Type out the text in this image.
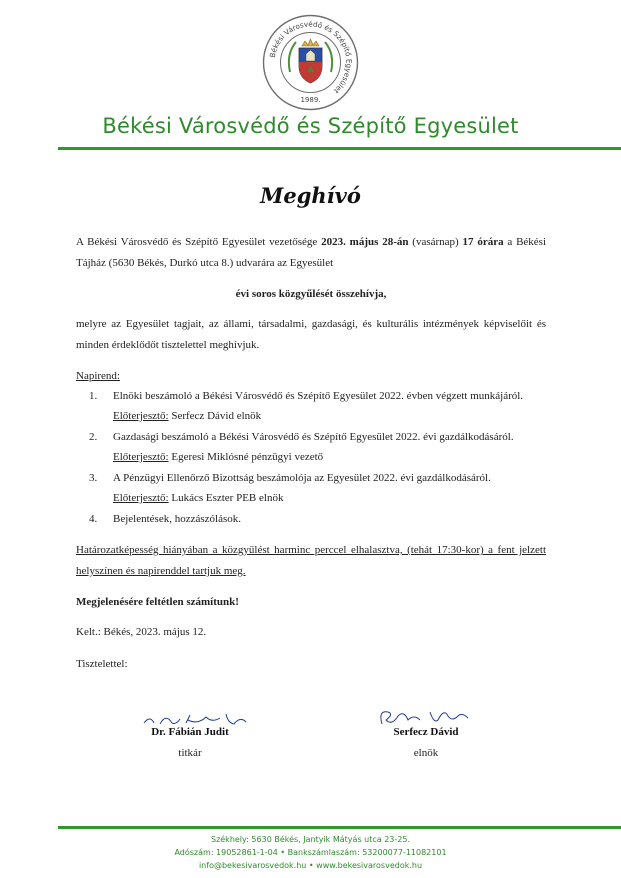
Békési Városvédő és Szépítő Egyesület
1989.
Békési Városvédő és Szépítő Egyesület
Meghívó
A Békési Városvédő és Szépítő Egyesület vezetősége 2023. május 28-án (vasárnap) 17 órára a Békési Tájház (5630 Békés, Durkó utca 8.) udvarára az Egyesület
évi soros közgyűlését összehívja,
melyre az Egyesület tagjait, az állami, társadalmi, gazdasági, és kulturális intézmények képviselőit és minden érdeklődőt tisztelettel meghívjuk.
Napirend:
1.	Elnöki beszámoló a Békési Városvédő és Szépítő Egyesület 2022. évben végzett munkájáról.
Előterjesztő: Serfecz Dávid elnök
2.	Gazdasági beszámoló a Békési Városvédő és Szépítő Egyesület 2022. évi gazdálkodásáról.
Előterjesztő: Egeresi Miklósné pénzügyi vezető
3.	A Pénzügyi Ellenőrző Bizottság beszámolója az Egyesület 2022. évi gazdálkodásáról.
Előterjesztő: Lukács Eszter PEB elnök
4.	Bejelentések, hozzászólások.
Határozatképesség hiányában a közgyűlést harminc perccel elhalasztva, (tehát 17:30-kor) a fent jelzett helyszínen és napirenddel tartjuk meg.
Megjelenésére feltétlen számítunk!
Kelt.: Békés, 2023. május 12.
Tisztelettel:
Dr. Fábián Judit
titkár
Serfecz Dávid
elnök
Székhely: 5630 Békés, Jantyik Mátyás utca 23-25.
Adószám: 19052861-1-04 • Bankszámlaszám: 53200077-11082101
info@bekesivarosvedok.hu • www.bekesivarosvedok.hu
